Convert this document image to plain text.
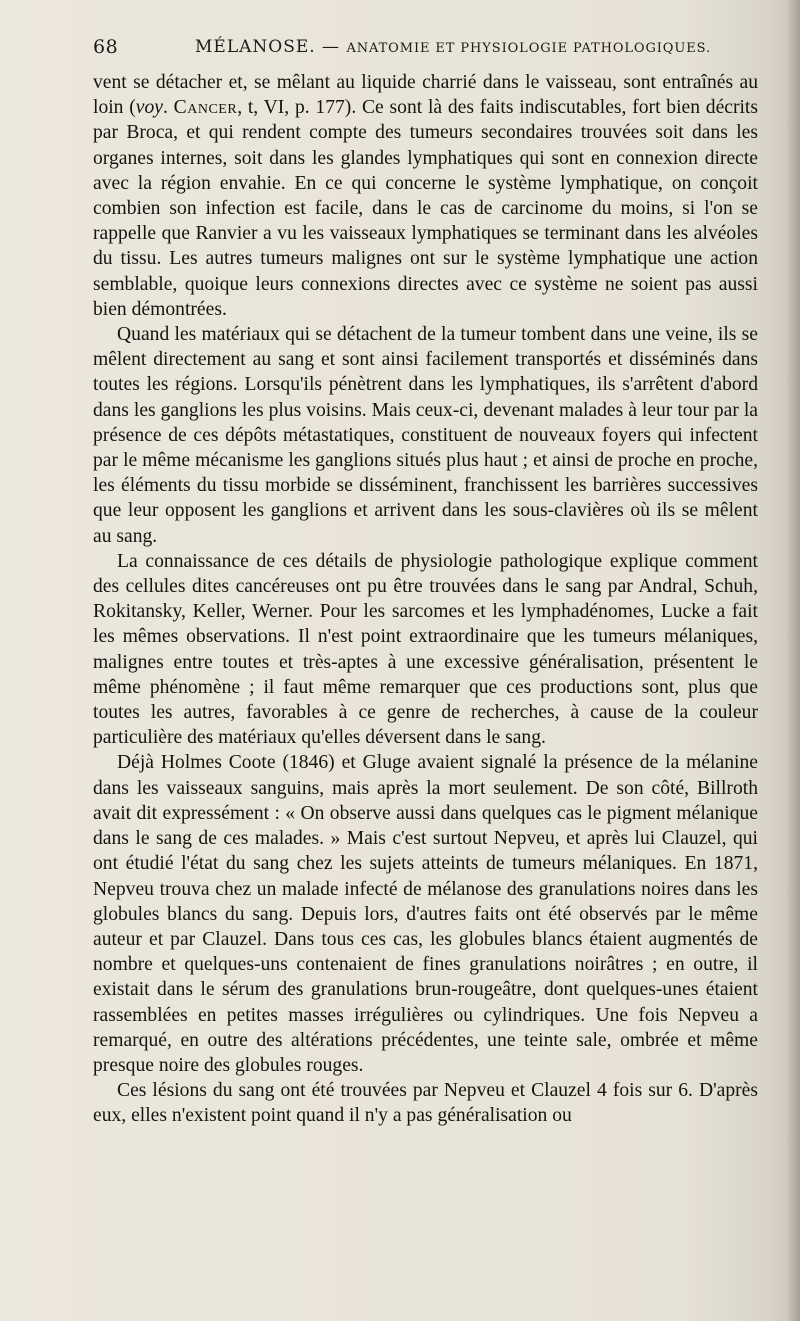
68	MÉLANOSE. — ANATOMIE ET PHYSIOLOGIE PATHOLOGIQUES.

vent se détacher et, se mêlant au liquide charrié dans le vaisseau, sont entraînés au loin (voy. Cancer, t, VI, p. 177). Ce sont là des faits indiscutables, fort bien décrits par Broca, et qui rendent compte des tumeurs secondaires trouvées soit dans les organes internes, soit dans les glandes lymphatiques qui sont en connexion directe avec la région envahie. En ce qui concerne le système lymphatique, on conçoit combien son infection est facile, dans le cas de carcinome du moins, si l'on se rappelle que Ranvier a vu les vaisseaux lymphatiques se terminant dans les alvéoles du tissu. Les autres tumeurs malignes ont sur le système lymphatique une action semblable, quoique leurs connexions directes avec ce système ne soient pas aussi bien démontrées.

Quand les matériaux qui se détachent de la tumeur tombent dans une veine, ils se mêlent directement au sang et sont ainsi facilement transportés et disséminés dans toutes les régions. Lorsqu'ils pénètrent dans les lymphatiques, ils s'arrêtent d'abord dans les ganglions les plus voisins. Mais ceux-ci, devenant malades à leur tour par la présence de ces dépôts métastatiques, constituent de nouveaux foyers qui infectent par le même mécanisme les ganglions situés plus haut ; et ainsi de proche en proche, les éléments du tissu morbide se disséminent, franchissent les barrières successives que leur opposent les ganglions et arrivent dans les sous-clavières où ils se mêlent au sang.

La connaissance de ces détails de physiologie pathologique explique comment des cellules dites cancéreuses ont pu être trouvées dans le sang par Andral, Schuh, Rokitansky, Keller, Werner. Pour les sarcomes et les lymphadénomes, Lucke a fait les mêmes observations. Il n'est point extraordinaire que les tumeurs mélaniques, malignes entre toutes et très-aptes à une excessive généralisation, présentent le même phénomène ; il faut même remarquer que ces productions sont, plus que toutes les autres, favorables à ce genre de recherches, à cause de la couleur particulière des matériaux qu'elles déversent dans le sang.

Déjà Holmes Coote (1846) et Gluge avaient signalé la présence de la mélanine dans les vaisseaux sanguins, mais après la mort seulement. De son côté, Billroth avait dit expressément : « On observe aussi dans quelques cas le pigment mélanique dans le sang de ces malades. » Mais c'est surtout Nepveu, et après lui Clauzel, qui ont étudié l'état du sang chez les sujets atteints de tumeurs mélaniques. En 1871, Nepveu trouva chez un malade infecté de mélanose des granulations noires dans les globules blancs du sang. Depuis lors, d'autres faits ont été observés par le même auteur et par Clauzel. Dans tous ces cas, les globules blancs étaient augmentés de nombre et quelques-uns contenaient de fines granulations noirâtres ; en outre, il existait dans le sérum des granulations brun-rougeâtre, dont quelques-unes étaient rassemblées en petites masses irrégulières ou cylindriques. Une fois Nepveu a remarqué, en outre des altérations précédentes, une teinte sale, ombrée et même presque noire des globules rouges.

Ces lésions du sang ont été trouvées par Nepveu et Clauzel 4 fois sur 6. D'après eux, elles n'existent point quand il n'y a pas généralisation ou
